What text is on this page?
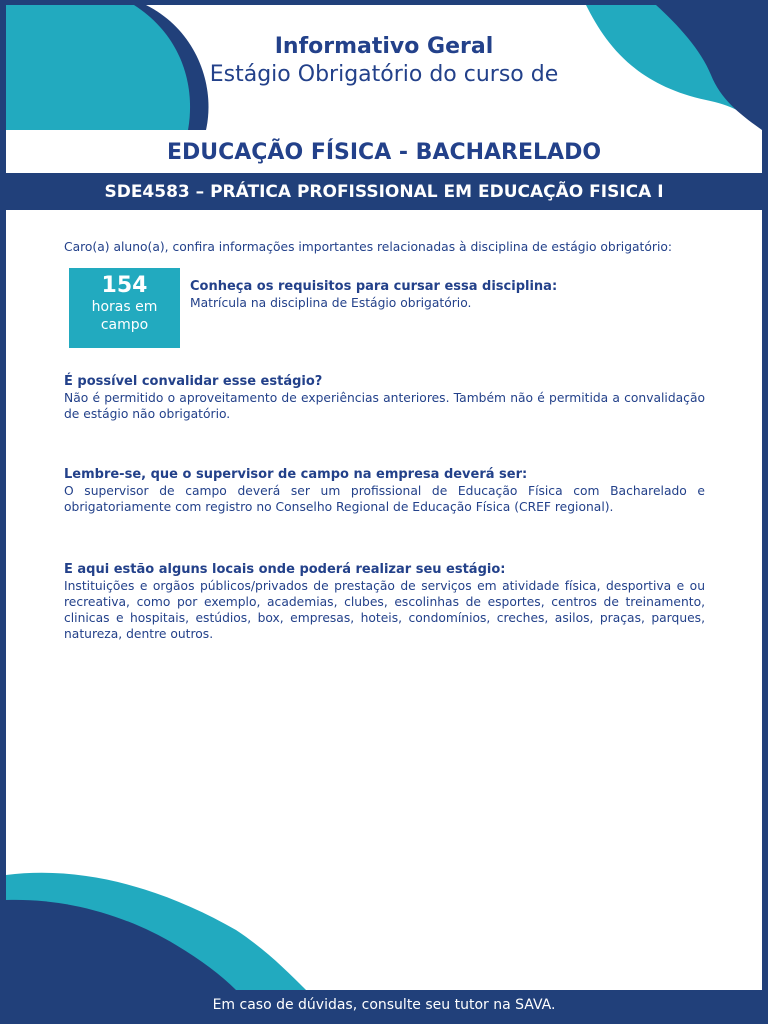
Informativo Geral
Estágio Obrigatório do curso de
EDUCAÇÃO FÍSICA - BACHARELADO
SDE4583 – PRÁTICA PROFISSIONAL EM EDUCAÇÃO FISICA I
Caro(a) aluno(a), confira informações importantes relacionadas à disciplina de estágio obrigatório:
154
horas em
campo
Conheça os requisitos para cursar essa disciplina:
Matrícula na disciplina de Estágio obrigatório.
É possível convalidar esse estágio?
Não é permitido o aproveitamento de experiências anteriores. Também não é permitida a convalidação de estágio não obrigatório.
Lembre-se, que o supervisor de campo na empresa deverá ser:
O supervisor de campo deverá ser um profissional de Educação Física com Bacharelado e obrigatoriamente com registro no Conselho Regional de Educação Física (CREF regional).
E aqui estão alguns locais onde poderá realizar seu estágio:
Instituições e orgãos públicos/privados de prestação de serviços em atividade física, desportiva e ou recreativa, como por exemplo, academias, clubes, escolinhas de esportes, centros de treinamento, clinicas e hospitais, estúdios, box, empresas, hoteis, condomínios, creches, asilos, praças, parques, natureza, dentre outros.
Em caso de dúvidas, consulte seu tutor na SAVA.
